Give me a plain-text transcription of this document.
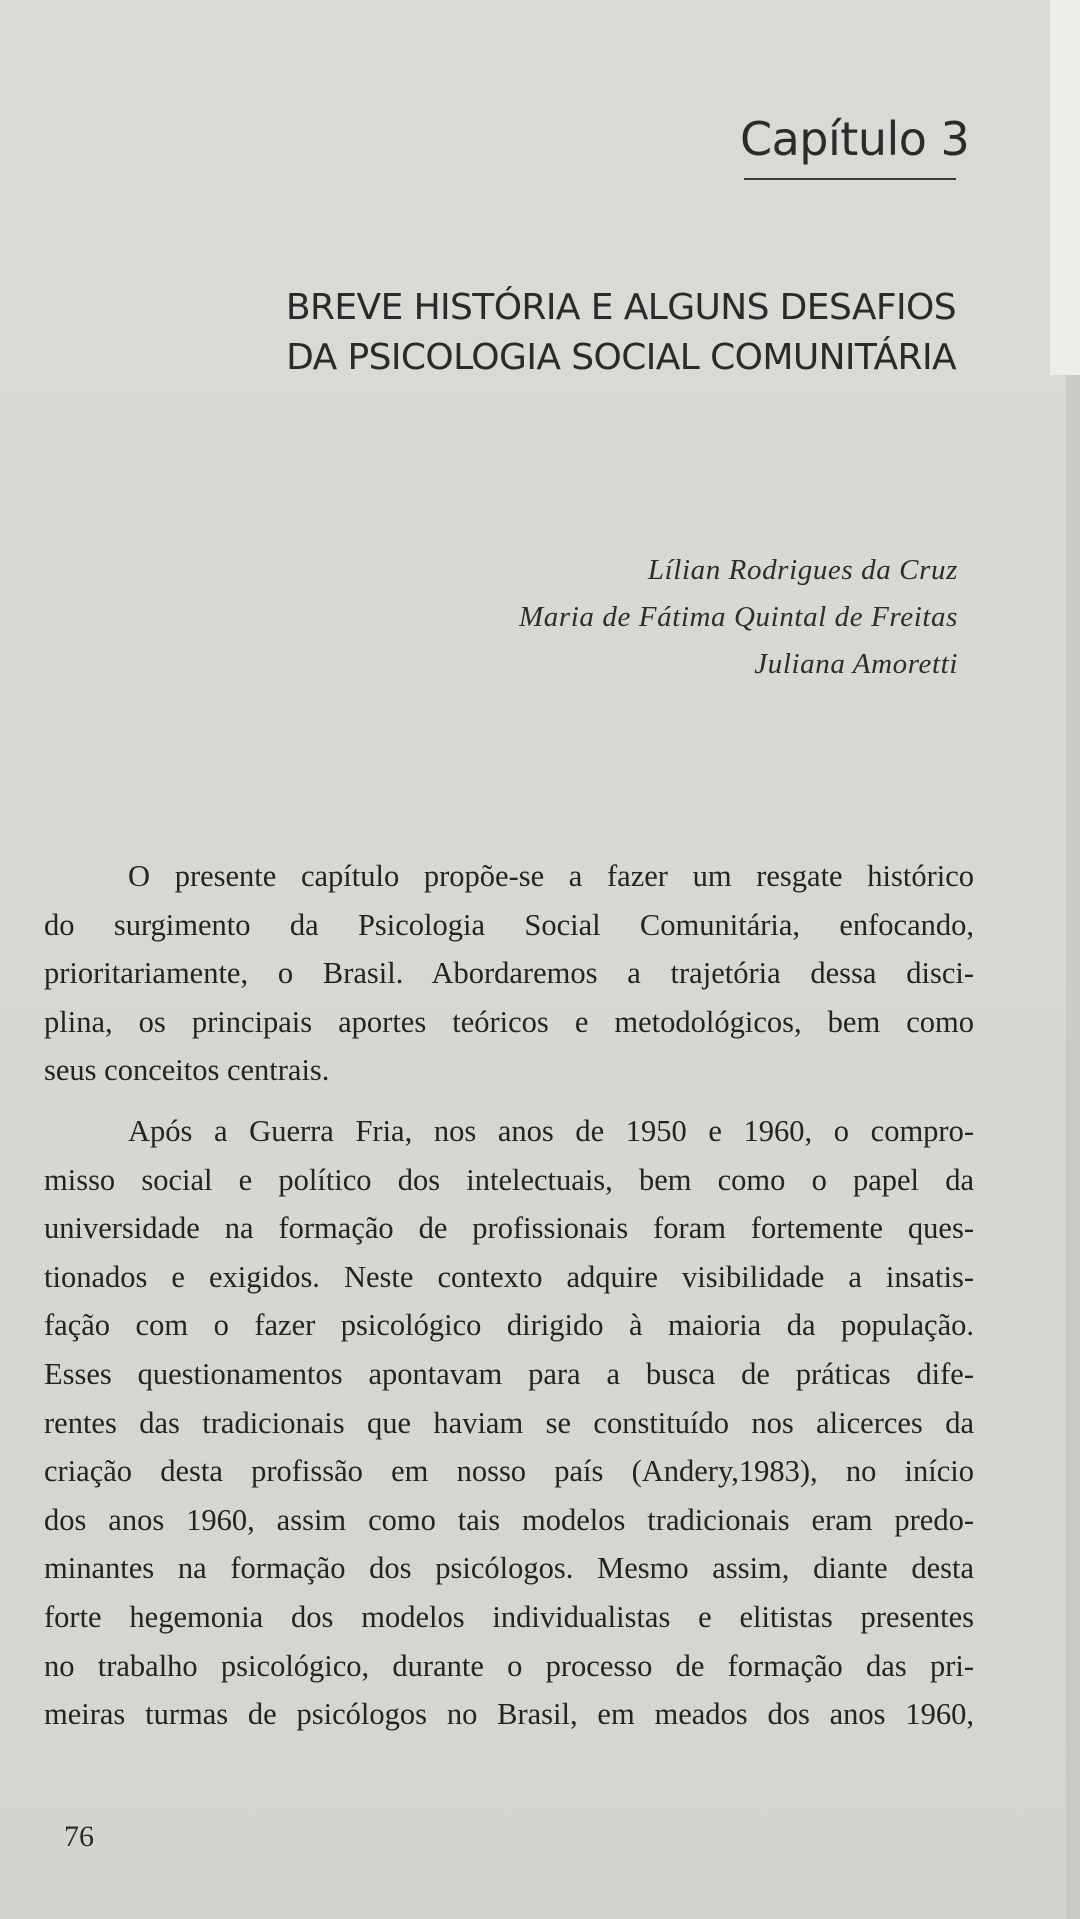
Capítulo 3
BREVE HISTÓRIA E ALGUNS DESAFIOS
DA PSICOLOGIA SOCIAL COMUNITÁRIA
Lílian Rodrigues da Cruz
Maria de Fátima Quintal de Freitas
Juliana Amoretti
O presente capítulo propõe-se a fazer um resgate histórico
do surgimento da Psicologia Social Comunitária, enfocando,
prioritariamente, o Brasil. Abordaremos a trajetória dessa disci-
plina, os principais aportes teóricos e metodológicos, bem como
seus conceitos centrais.
Após a Guerra Fria, nos anos de 1950 e 1960, o compro-
misso social e político dos intelectuais, bem como o papel da
universidade na formação de profissionais foram fortemente ques-
tionados e exigidos. Neste contexto adquire visibilidade a insatis-
fação com o fazer psicológico dirigido à maioria da população.
Esses questionamentos apontavam para a busca de práticas dife-
rentes das tradicionais que haviam se constituído nos alicerces da
criação desta profissão em nosso país (Andery,1983), no início
dos anos 1960, assim como tais modelos tradicionais eram predo-
minantes na formação dos psicólogos. Mesmo assim, diante desta
forte hegemonia dos modelos individualistas e elitistas presentes
no trabalho psicológico, durante o processo de formação das pri-
meiras turmas de psicólogos no Brasil, em meados dos anos 1960,
76
